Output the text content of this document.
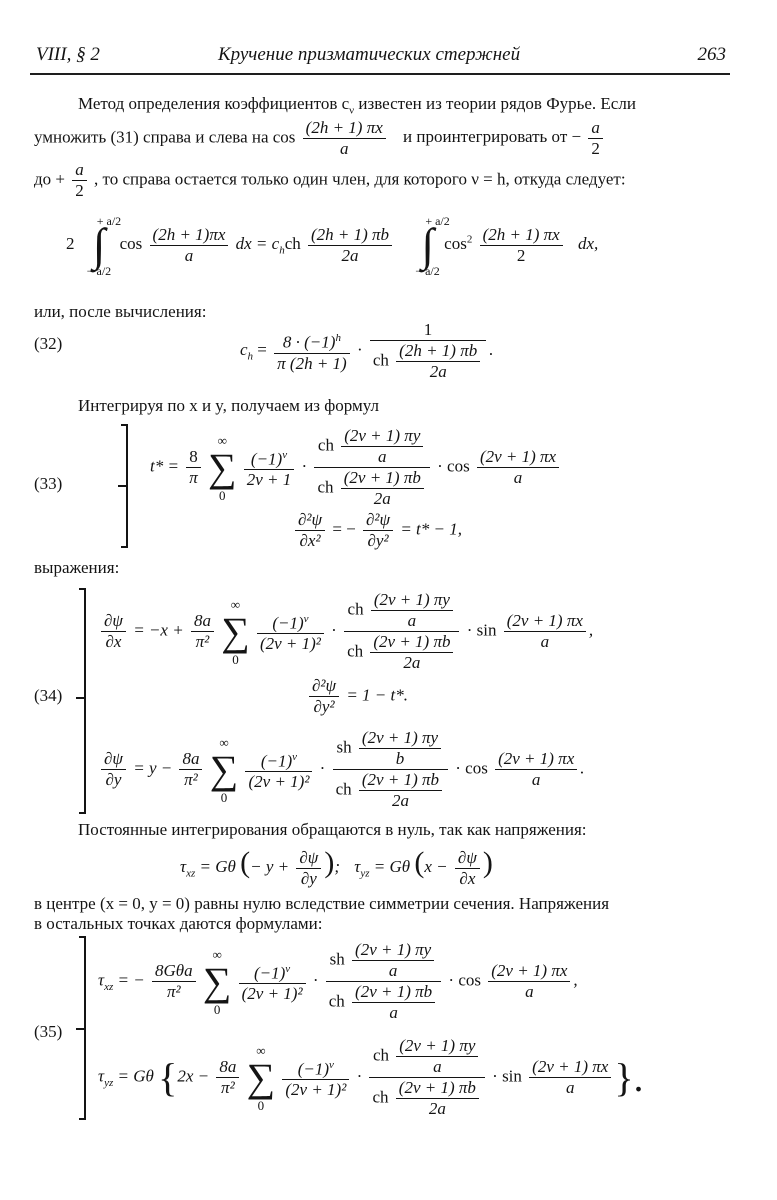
VIII, § 2	Кручение призматических стержней	263
Метод определения коэффициентов $c_\nu$ известен из теории рядов Фурье. Если
умножить (31) справа и слева на $\cos \frac{(2h + 1) \pi x}{a}$ и проинтегрировать от − $\frac{a}{2}$
до + $\frac{a}{2}$ , то справа остается только один член, для которого ν = h, откуда следует:
2 ∫
+ a/2
− a/2
$\cos \frac{(2h + 1)\pi x}{a}$ dx = $c_hch \frac{(2h + 1) \pi b}{2a}$ ∫
+ a/2
− a/2
$\cos^2 \frac{(2h + 1) \pi x}{2}$ dx,
или, после вычисления:
(32)	$c_h = \frac{8 \cdot (-1)^h}{\pi (2h + 1)} \cdot \frac{1}{ch \frac{(2h + 1) \pi b}{2a}}$ .
Интегрируя по x и y, получаем из формул
(33)
$t* = \frac{8}{\pi}$ ∑
∞
0

$\frac{(-1)^\nu}{2\nu + 1} \cdot \frac{ch \frac{(2\nu + 1) \pi y}{a}}{ch \frac{(2\nu + 1) \pi b}{2a}} \cdot \cos \frac{(2\nu + 1) \pi x}{a}$
$\frac{\text{∂²ψ}}{\text{∂x²}}$ = − $\frac{\text{∂²ψ}}{\text{∂y²}} = t* - 1$,
выражения:
(34)
$\frac{\partial\psi}{\partial x} = -x + \frac{8a}{\text{π²}}$ ∑
∞
0

$\frac{(-1)^\nu}{\text{(2ν + 1)²}} \cdot \frac{ch \frac{(2\nu + 1) \pi y}{a}}{ch \frac{(2\nu + 1) \pi b}{2a}} \cdot \sin \frac{(2\nu + 1) \pi x}{a}$ ,
$\frac{\text{∂²ψ}}{\text{∂y²}} = 1 - t*$.
$\frac{\partial\psi}{\partial y} = y - \frac{8a}{\text{π²}}$ ∑
∞
0

$\frac{(-1)^\nu}{\text{(2ν + 1)²}} \cdot \frac{sh \frac{(2\nu + 1) \pi y}{b}}{ch \frac{(2\nu + 1) \pi b}{2a}} \cdot \cos \frac{(2\nu + 1) \pi x}{a}$ .
Постоянные интегрирования обращаются в нуль, так как напряжения:
$\tau_{xz} = G\theta$ (− $y + \frac{\partial\psi}{\partial y}$ ); $\tau_{yz} = G\theta$ ($x - \frac{\partial\psi}{\partial x}$ )
в центре (x = 0, y = 0) равны нулю вследствие симметрии сечения. Напряжения
в остальных точках даются формулами:
(35)
$\tau_{xz}$ = − $\frac{\text{8Gθa}}{\text{π²}}$ ∑
∞
0

$\frac{(-1)^\nu}{\text{(2ν + 1)²}} \cdot \frac{sh \frac{(2\nu + 1) \pi y}{a}}{ch \frac{(2\nu + 1) \pi b}{a}} \cdot \cos \frac{(2\nu + 1) \pi x}{a}$ ,
$\tau_{yz} = G\theta$ {$2x - \frac{8a}{\text{π²}}$ ∑
∞
0

$\frac{(-1)^\nu}{\text{(2ν + 1)²}} \cdot \frac{ch \frac{(2\nu + 1) \pi y}{a}}{ch \frac{(2\nu + 1) \pi b}{2a}} \cdot \sin \frac{(2\nu + 1) \pi x}{a}$ }.
